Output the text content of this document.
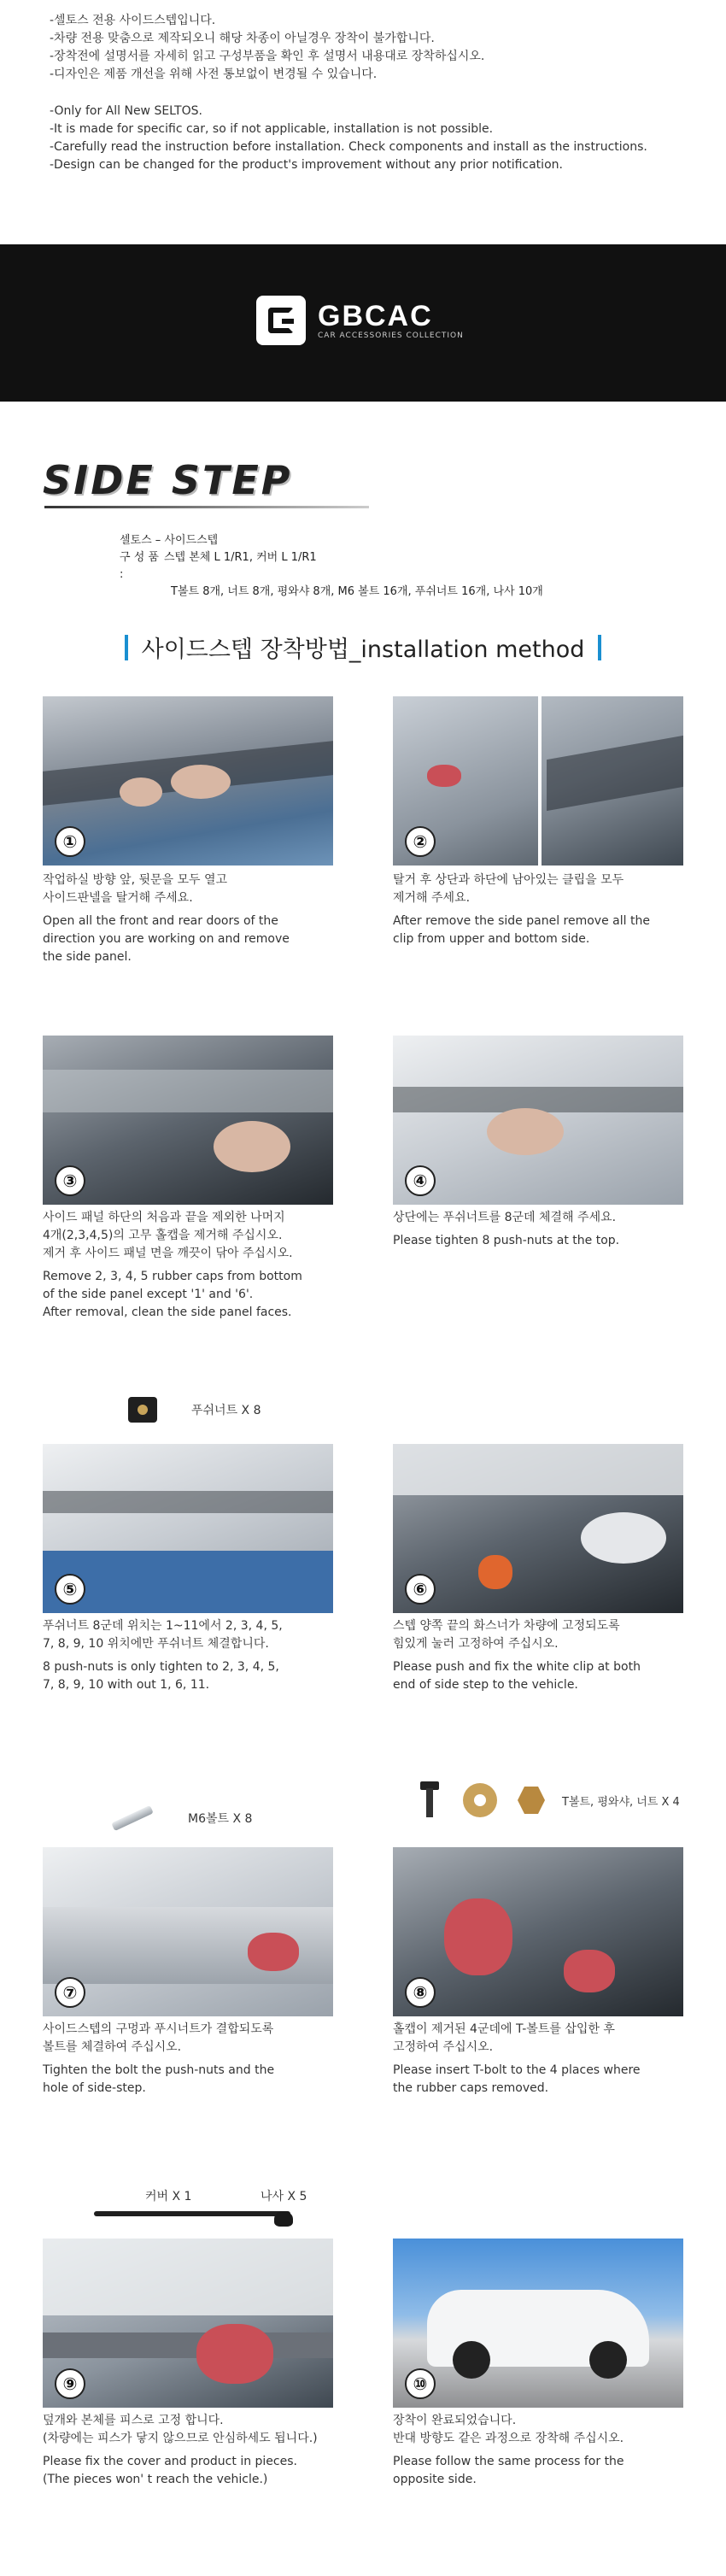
-셀토스 전용 사이드스텝입니다.

-차량 전용 맞춤으로 제작되오니 해당 차종이 아닐경우 장착이 불가합니다.

-장착전에 설명서를 자세히 읽고 구성부품을 확인 후 설명서 내용대로 장착하십시오.

-디자인은 제품 개선을 위해 사전 통보없이 변경될 수 있습니다.

-Only for All New SELTOS.

-It is made for specific car, so if not applicable, installation is not possible.

-Carefully read the instruction before installation. Check components and install as the instructions.

-Design can be changed for the product's improvement without any prior notification.

GBCAC
CAR ACCESSORIES COLLECTION
SIDE STEP
셀토스 – 사이드스텝
구 성 품 :
스텝 본체 L 1/R1, 커버 L 1/R1
T볼트 8개, 너트 8개, 평와샤 8개, M6 볼트 16개, 푸쉬너트 16개, 나사 10개
사이드스텝 장착방법_installation method
①

작업하실 방향 앞, 뒷문을 모두 열고

사이드판넬을 탈거해 주세요.

Open all the front and rear doors of the

direction you are working on and remove

the side panel.

②

탈거 후 상단과 하단에 남아있는 클립을 모두

제거해 주세요.

After remove the side panel remove all the

clip from upper and bottom side.

③

사이드 패널 하단의 처음과 끝을 제외한 나머지

4개(2,3,4,5)의 고무 홀캡을 제거해 주십시오.

제거 후 사이드 패널 면을 깨끗이 닦아 주십시오.

Remove 2, 3, 4, 5 rubber caps from bottom

of the side panel except '1' and '6'.

After removal, clean the side panel faces.

④

상단에는 푸쉬너트를 8군데 체결해 주세요.

Please tighten 8 push-nuts at the top.

푸쉬너트 X 8
⑤

푸쉬너트 8군데 위치는 1~11에서 2, 3, 4, 5,

7, 8, 9, 10 위치에만 푸쉬너트 체결합니다.

8 push-nuts is only tighten to 2, 3, 4, 5,

7, 8, 9, 10 with out 1, 6, 11.

⑥

스텝 양쪽 끝의 화스너가 차량에 고정되도록

힘있게 눌러 고정하여 주십시오.

Please push and fix the white clip at both

end of side step to the vehicle.

M6볼트 X 8
T볼트, 평와샤, 너트 X 4
⑦

사이드스텝의 구멍과 푸시너트가 결합되도록

볼트를 체결하여 주십시오.

Tighten the bolt the push-nuts and the

hole of side-step.

⑧

홀캡이 제거된 4군데에 T-볼트를 삽입한 후

고정하여 주십시오.

Please insert T-bolt to the 4 places where

the rubber caps removed.

커버 X 1	나사 X 5
⑨

덮개와 본체를 피스로 고정 합니다.

(차량에는 피스가 닿지 않으므로 안심하세도 됩니다.)

Please fix the cover and product in pieces.

(The pieces won' t reach the vehicle.)

⑩

장착이 완료되었습니다.

반대 방향도 같은 과정으로 장착해 주십시오.

Please follow the same process for the

opposite side.
